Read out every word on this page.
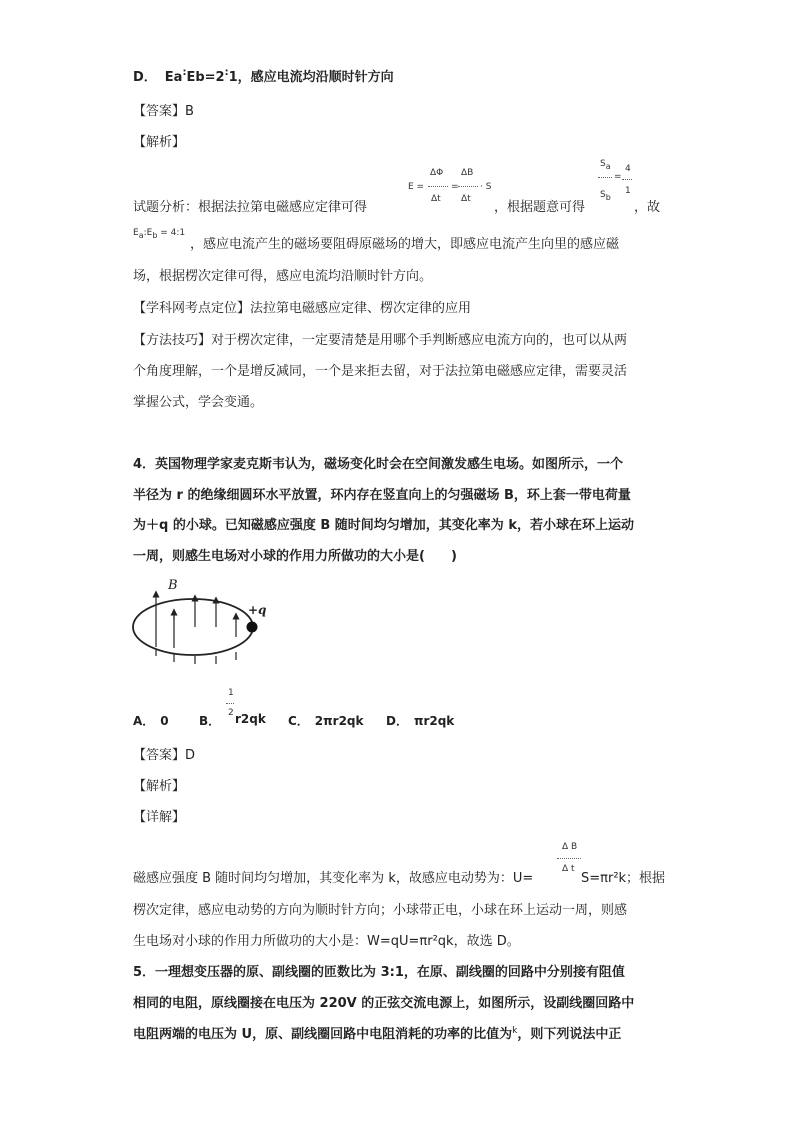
D． Ea:Eb=2:1，感应电流均沿顺时针方向
【答案】B
【解析】
E =
ΔΦ
Δt
=
ΔB
Δt
· S
$S_a$
$S_b$
=
4
1
试题分析：根据法拉第电磁感应定律可得	，根据题意可得	，故
$E_a:E_b$ = 4:1
，感应电流产生的磁场要阻碍原磁场的增大，即感应电流产生向里的感应磁
场，根据楞次定律可得，感应电流均沿顺时针方向。
【学科网考点定位】法拉第电磁感应定律、楞次定律的应用
【方法技巧】对于楞次定律，一定要清楚是用哪个手判断感应电流方向的，也可以从两
个角度理解，一个是增反减同，一个是来拒去留，对于法拉第电磁感应定律，需要灵活
掌握公式，学会变通。
4．英国物理学家麦克斯韦认为，磁场变化时会在空间激发感生电场。如图所示，一个
半径为 r 的绝缘细圆环水平放置，环内存在竖直向上的匀强磁场 B，环上套一带电荷量
为＋q 的小球。已知磁感应强度 B 随时间均匀增加，其变化率为 k，若小球在环上运动
一周，则感生电场对小球的作用力所做功的大小是(　　)
B
+q
A．　0	B．
1
2 r2qk C．　2πr2qk D．　πr2qk
【答案】D
【解析】
【详解】
Δ B
Δ t
磁感应强度 B 随时间均匀增加，其变化率为 k，故感应电动势为：U=	S=πr²k；根据
楞次定律，感应电动势的方向为顺时针方向；小球带正电，小球在环上运动一周，则感
生电场对小球的作用力所做功的大小是：W=qU=πr²qk，故选 D。
5．一理想变压器的原、副线圈的匝数比为 3:1，在原、副线圈的回路中分别接有阻值
相同的电阻，原线圈接在电压为 220V 的正弦交流电源上，如图所示，设副线圈回路中
电阻两端的电压为 U，原、副线圈回路中电阻消耗的功率的比值为$^k$，则下列说法中正
